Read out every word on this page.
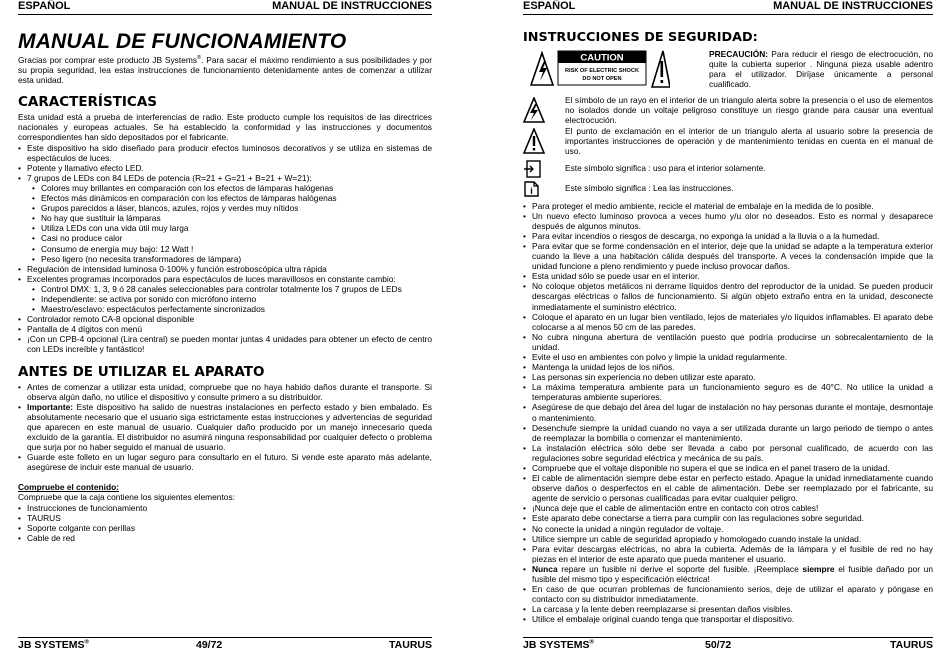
ESPAÑOL	MANUAL DE INSTRUCCIONES
MANUAL DE FUNCIONAMIENTO

Gracias por comprar este producto JB Systems®. Para sacar el máximo rendimiento a sus posibilidades y por su propia seguridad, lea estas instrucciones de funcionamiento detenidamente antes de comenzar a utilizar esta unidad.

CARACTERÍSTICAS

Esta unidad está a prueba de interferencias de radio. Este producto cumple los requisitos de las directrices nacionales y europeas actuales. Se ha establecido la conformidad y las instrucciones y documentos correspondientes han sido depositados por el fabricante.

• Este dispositivo ha sido diseñado para producir efectos luminosos decorativos y se utiliza en sistemas de espectáculos de luces.
• Potente y llamativo efecto LED.
• 7 grupos de LEDs con 84 LEDs de potencia (R=21 + G=21 + B=21 + W=21):
• Colores muy brillantes en comparación con los efectos de lámparas halógenas
• Efectos más dinámicos en comparación con los efectos de lámparas halógenas
• Grupos parecidos a láser, blancos, azules, rojos y verdes muy nítidos
• No hay que sustituir la lámparas
• Utiliza LEDs con una vida útil muy larga
• Casi no produce calor
• Consumo de energía muy bajo: 12 Watt !
• Peso ligero (no necesita transformadores de lámpara)
• Regulación de intensidad luminosa 0-100% y función estroboscópica ultra rápida
• Excelentes programas incorporados para espectáculos de luces maravillosos en constante cambio:
• Control DMX: 1, 3, 9 ó 28 canales seleccionables para controlar totalmente los 7 grupos de LEDs
• Independiente: se activa por sonido con micrófono interno
• Maestro/esclavo: espectáculos perfectamente sincronizados
• Controlador remoto CA-8 opcional disponible
• Pantalla de 4 dígitos con menú
• ¡Con un CPB-4 opcional (Lira central) se pueden montar juntas 4 unidades para obtener un efecto de centro con LEDs increíble y fantástico!
ANTES DE UTILIZAR EL APARATO
• Antes de comenzar a utilizar esta unidad, compruebe que no haya habido daños durante el transporte. Si observa algún daño, no utilice el dispositivo y consulte primero a su distribuidor.
• Importante: Este dispositivo ha salido de nuestras instalaciones en perfecto estado y bien embalado. Es absolutamente necesario que el usuario siga estrictamente estas instrucciones y advertencias de seguridad que aparecen en este manual de usuario. Cualquier daño producido por un manejo innecesario queda excluido de la garantía. El distribuidor no asumirá ninguna responsabilidad por cualquier defecto o problema que surja por no haber seguido el manual de usuario.
• Guarde este folleto en un lugar seguro para consultarlo en el futuro. Si vende este aparato más adelante, asegúrese de incluir este manual de usuario.
Compruebe el contenido:

Compruebe que la caja contiene los siguientes elementos:

• Instrucciones de funcionamiento
• TAURUS
• Soporte colgante con perillas
• Cable de red
JB SYSTEMS®	49/72	TAURUS
ESPAÑOL	MANUAL DE INSTRUCCIONES
INSTRUCCIONES DE SEGURIDAD:
CAUTION
RISK OF ELECTRIC SHOCK
DO NOT OPEN

PRECAUCIÓN: Para reducir el riesgo de electrocución, no quite la cubierta superior . Ninguna pieza usable adentro para el utilizador. Diríjase únicamente a personal cualificado.

El símbolo de un rayo en el interior de un triangulo alerta sobre la presencia o el uso de elementos no isolados donde un voltaje peligroso constituye un riesgo grande para causar una eventual electrocución.

El punto de exclamación en el interior de un triangulo alerta al usuario sobre la presencia de importantes instrucciones de operación y de mantenimiento tenidas en cuenta en el manual de uso.

Este símbolo significa : uso para el interior solamente.

i	Este símbolo significa : Lea las instrucciones.

• Para proteger el medio ambiente, recicle el material de embalaje en la medida de lo posible.
• Un nuevo efecto luminoso provoca a veces humo y/u olor no deseados. Esto es normal y desaparece después de algunos minutos.
• Para evitar incendios o riesgos de descarga, no exponga la unidad a la lluvia o a la humedad.
• Para evitar que se forme condensación en el interior, deje que la unidad se adapte a la temperatura exterior cuando la lleve a una habitación cálida después del transporte. A veces la condensación impide que la unidad funcione a pleno rendimiento y puede incluso provocar daños.
• Esta unidad sólo se puede usar en el interior.
• No coloque objetos metálicos ni derrame líquidos dentro del reproductor de la unidad. Se pueden producir descargas eléctricas o fallos de funcionamiento. Si algún objeto extraño entra en la unidad, desconecte inmediatamente el suministro eléctrico.
• Coloque el aparato en un lugar bien ventilado, lejos de materiales y/o líquidos inflamables. El aparato debe colocarse a al menos 50 cm de las paredes.
• No cubra ninguna abertura de ventilación puesto que podría producirse un sobrecalentamiento de la unidad.
• Evite el uso en ambientes con polvo y limpie la unidad regularmente.
• Mantenga la unidad lejos de los niños.
• Las personas sin experiencia no deben utilizar este aparato.
• La máxima temperatura ambiente para un funcionamiento seguro es de 40°C. No utilice la unidad a temperaturas ambiente superiores.
• Asegúrese de que debajo del área del lugar de instalación no hay personas durante el montaje, desmontaje o mantenimiento.
• Desenchufe siempre la unidad cuando no vaya a ser utilizada durante un largo periodo de tiempo o antes de reemplazar la bombilla o comenzar el mantenimiento.
• La instalación eléctrica sólo debe ser llevada a cabo por personal cualificado, de acuerdo con las regulaciones sobre seguridad eléctrica y mecánica de su país.
• Compruebe que el voltaje disponible no supera el que se indica en el panel trasero de la unidad.
• El cable de alimentación siempre debe estar en perfecto estado. Apague la unidad inmediatamente cuando observe daños o desperfectos en el cable de alimentación. Debe ser reemplazado por el fabricante, su agente de servicio o personas cualificadas para evitar cualquier peligro.
• ¡Nunca deje que el cable de alimentación entre en contacto con otros cables!
• Este aparato debe conectarse a tierra para cumplir con las regulaciones sobre seguridad.
• No conecte la unidad a ningún regulador de voltaje.
• Utilice siempre un cable de seguridad apropiado y homologado cuando instale la unidad.
• Para evitar descargas eléctricas, no abra la cubierta. Además de la lámpara y el fusible de red no hay piezas en el interior de este aparato que pueda mantener el usuario.
• Nunca repare un fusible ni derive el soporte del fusible. ¡Reemplace siempre el fusible dañado por un fusible del mismo tipo y especificación eléctrica!
• En caso de que ocurran problemas de funcionamiento serios, deje de utilizar el aparato y póngase en contacto con su distribuidor inmediatamente.
• La carcasa y la lente deben reemplazarse si presentan daños visibles.
• Utilice el embalaje original cuando tenga que transportar el dispositivo.
JB SYSTEMS®	50/72	TAURUS
